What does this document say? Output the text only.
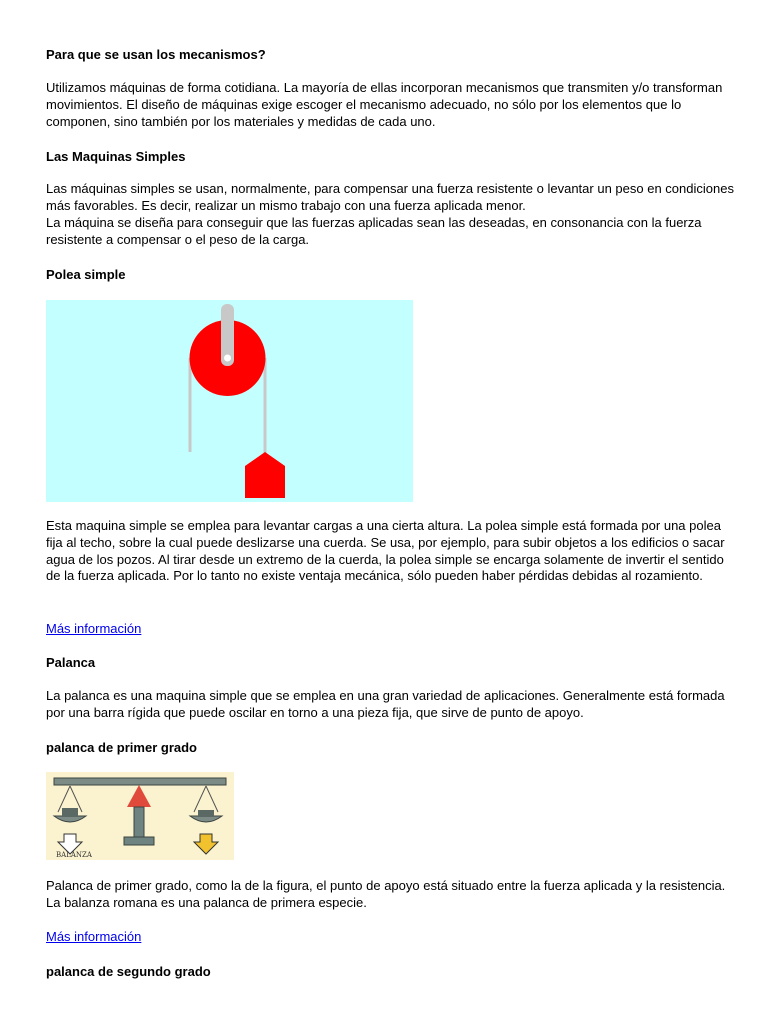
Para que se usan los mecanismos?

Utilizamos máquinas de forma cotidiana. La mayoría de ellas incorporan mecanismos que transmiten y/o transforman movimientos. El diseño de máquinas exige escoger el mecanismo adecuado, no sólo por los elementos que lo componen, sino también por los materiales y medidas de cada uno.

Las Maquinas Simples

Las máquinas simples se usan, normalmente, para compensar una fuerza resistente o levantar un peso en condiciones más favorables. Es decir, realizar un mismo trabajo con una fuerza aplicada menor.

La máquina se diseña para conseguir que las fuerzas aplicadas sean las deseadas, en consonancia con la fuerza resistente a compensar o el peso de la carga.

Polea simple

Esta maquina simple se emplea para levantar cargas a una cierta altura. La polea simple está formada por una polea fija al techo, sobre la cual puede deslizarse una cuerda. Se usa, por ejemplo, para subir objetos a los edificios o sacar agua de los pozos. Al tirar desde un extremo de la cuerda, la polea simple se encarga solamente de invertir el sentido de la fuerza aplicada. Por lo tanto no existe ventaja mecánica, sólo pueden haber pérdidas debidas al rozamiento.

Más información
Palanca

La palanca es una maquina simple que se emplea en una gran variedad de aplicaciones. Generalmente está formada por una barra rígida que puede oscilar en torno a una pieza fija, que sirve de punto de apoyo.

palanca de primer grado
BALANZA

Palanca de primer grado, como la de la figura, el punto de apoyo está situado entre la fuerza aplicada y la resistencia. La balanza romana es una palanca de primera especie.

Más información
palanca de segundo grado
